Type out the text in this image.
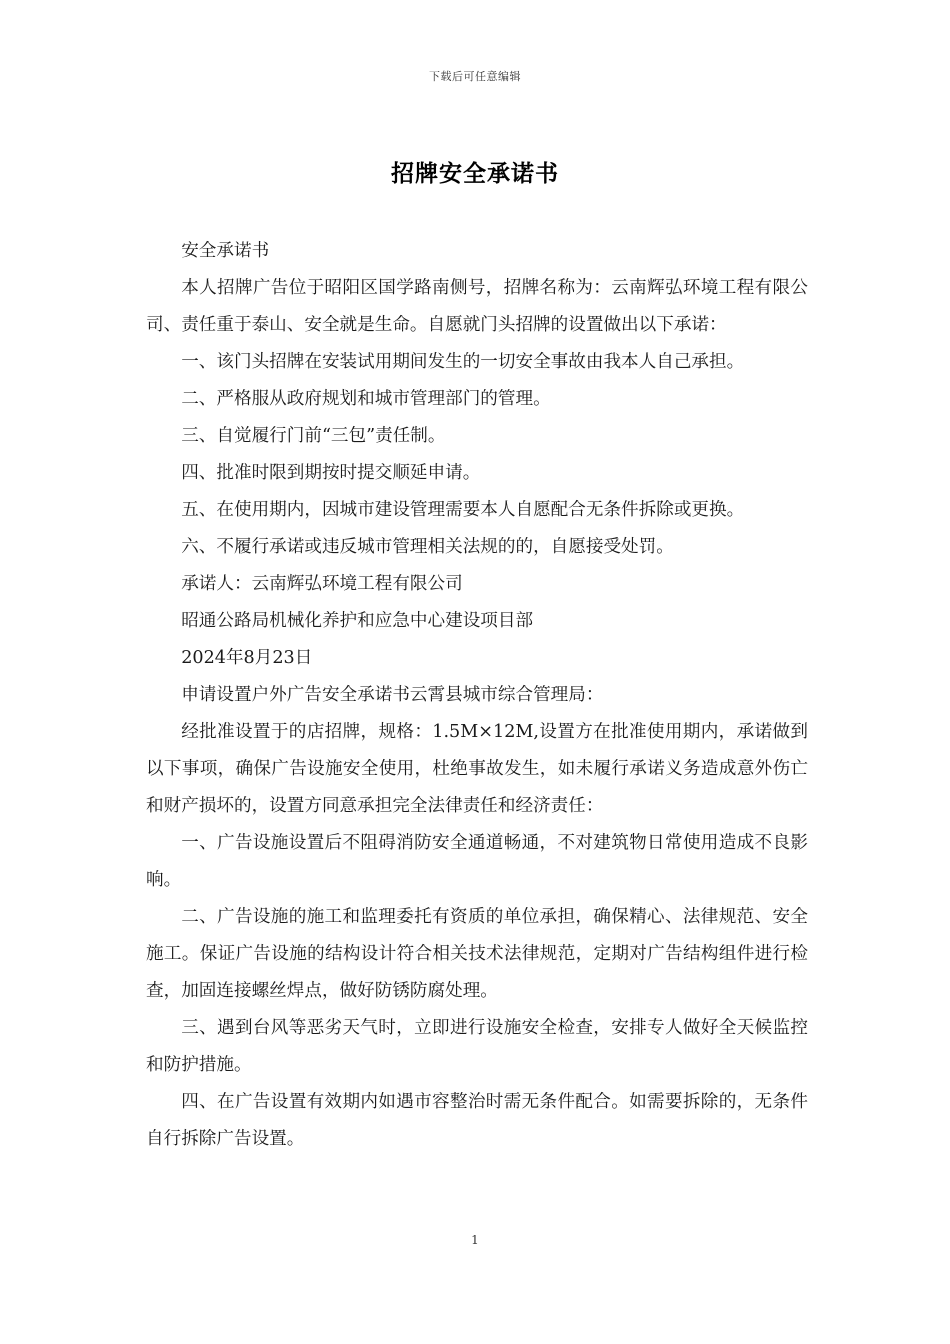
下载后可任意编辑
招牌安全承诺书

安全承诺书

本人招牌广告位于昭阳区国学路南侧号，招牌名称为：云南辉弘环境工程有限公司、责任重于泰山、安全就是生命。自愿就门头招牌的设置做出以下承诺：

一、该门头招牌在安装试用期间发生的一切安全事故由我本人自己承担。

二、严格服从政府规划和城市管理部门的管理。

三、自觉履行门前“三包”责任制。

四、批准时限到期按时提交顺延申请。

五、在使用期内，因城市建设管理需要本人自愿配合无条件拆除或更换。

六、不履行承诺或违反城市管理相关法规的的，自愿接受处罚。

承诺人：云南辉弘环境工程有限公司

昭通公路局机械化养护和应急中心建设项目部

2024年8月23日

申请设置户外广告安全承诺书云霄县城市综合管理局：

经批准设置于的店招牌，规格：1.5M×12M,设置方在批准使用期内，承诺做到以下事项，确保广告设施安全使用，杜绝事故发生，如未履行承诺义务造成意外伤亡和财产损坏的，设置方同意承担完全法律责任和经济责任：

一、广告设施设置后不阻碍消防安全通道畅通，不对建筑物日常使用造成不良影响。

二、广告设施的施工和监理委托有资质的单位承担，确保精心、法律规范、安全施工。保证广告设施的结构设计符合相关技术法律规范，定期对广告结构组件进行检查，加固连接螺丝焊点，做好防锈防腐处理。

三、遇到台风等恶劣天气时，立即进行设施安全检查，安排专人做好全天候监控和防护措施。

四、在广告设置有效期内如遇市容整治时需无条件配合。如需要拆除的，无条件自行拆除广告设置。

1
